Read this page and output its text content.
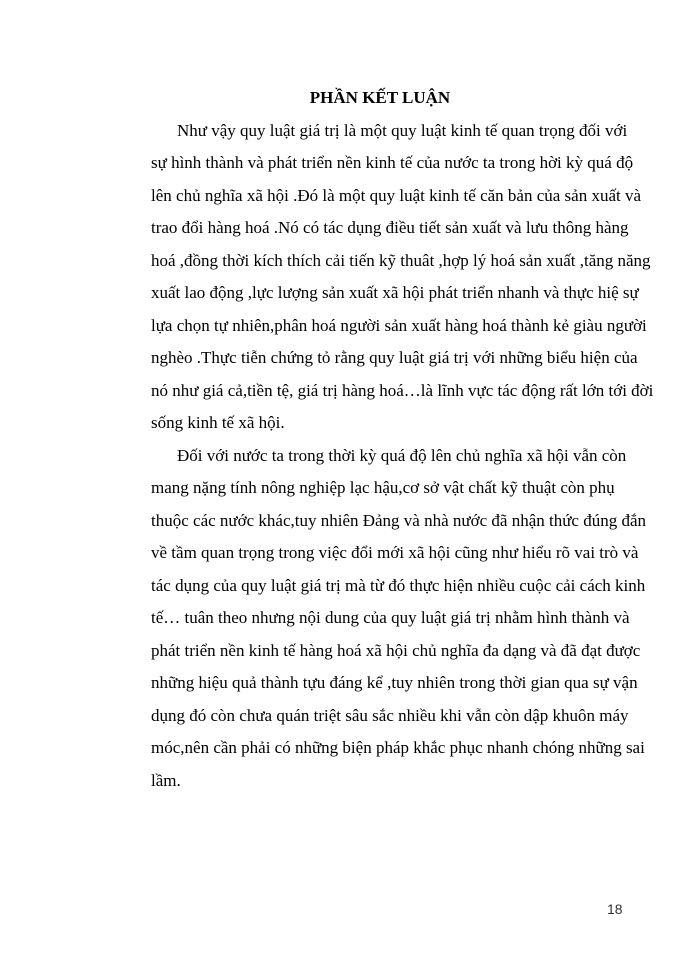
PHẦN KẾT LUẬN

Như vậy quy luật giá trị là một quy luật kinh tế quan trọng đối với

sự hình thành và phát triển nền kinh tế của nước ta trong hời kỳ quá độ

lên chủ nghĩa xã hội .Đó là một quy luật kinh tế căn bản của sản xuất và

trao đổi hàng hoá .Nó có tác dụng điều tiết sản xuất và lưu thông hàng

hoá ,đồng thời kích thích cải tiến kỹ thuât ,hợp lý hoá sản xuất ,tăng năng

xuất lao động ,lực lượng sản xuất xã hội phát triển nhanh và thực hiệ sự

lựa chọn tự nhiên,phân hoá người sản xuất hàng hoá thành kẻ giàu người

nghèo .Thực tiễn chứng tỏ rằng quy luật giá trị với những biểu hiện của

nó như giá cả,tiền tệ, giá trị hàng hoá…là lĩnh vực tác động rất lớn tới đời

sống kinh tế xã hội.

Đối với nước ta trong thời kỳ quá độ lên chủ nghĩa xã hội vẫn còn

mang nặng tính nông nghiệp lạc hậu,cơ sở vật chất kỹ thuật còn phụ

thuộc các nước khác,tuy nhiên Đảng và nhà nước đã nhận thức đúng đắn

về tầm quan trọng trong việc đổi mới xã hội cũng như hiểu rõ vai trò và

tác dụng của quy luật giá trị mà từ đó thực hiện nhiều cuộc cải cách kinh

tế… tuân theo nhưng nội dung của quy luật giá trị nhằm hình thành và

phát triển nền kinh tế hàng hoá xã hội chủ nghĩa đa dạng và đã đạt được

những hiệu quả thành tựu đáng kể ,tuy nhiên trong thời gian qua sự vận

dụng đó còn chưa quán triệt sâu sắc nhiều khi vẫn còn dập khuôn máy

móc,nên cần phải có những biện pháp khắc phục nhanh chóng những sai

lầm.

18
